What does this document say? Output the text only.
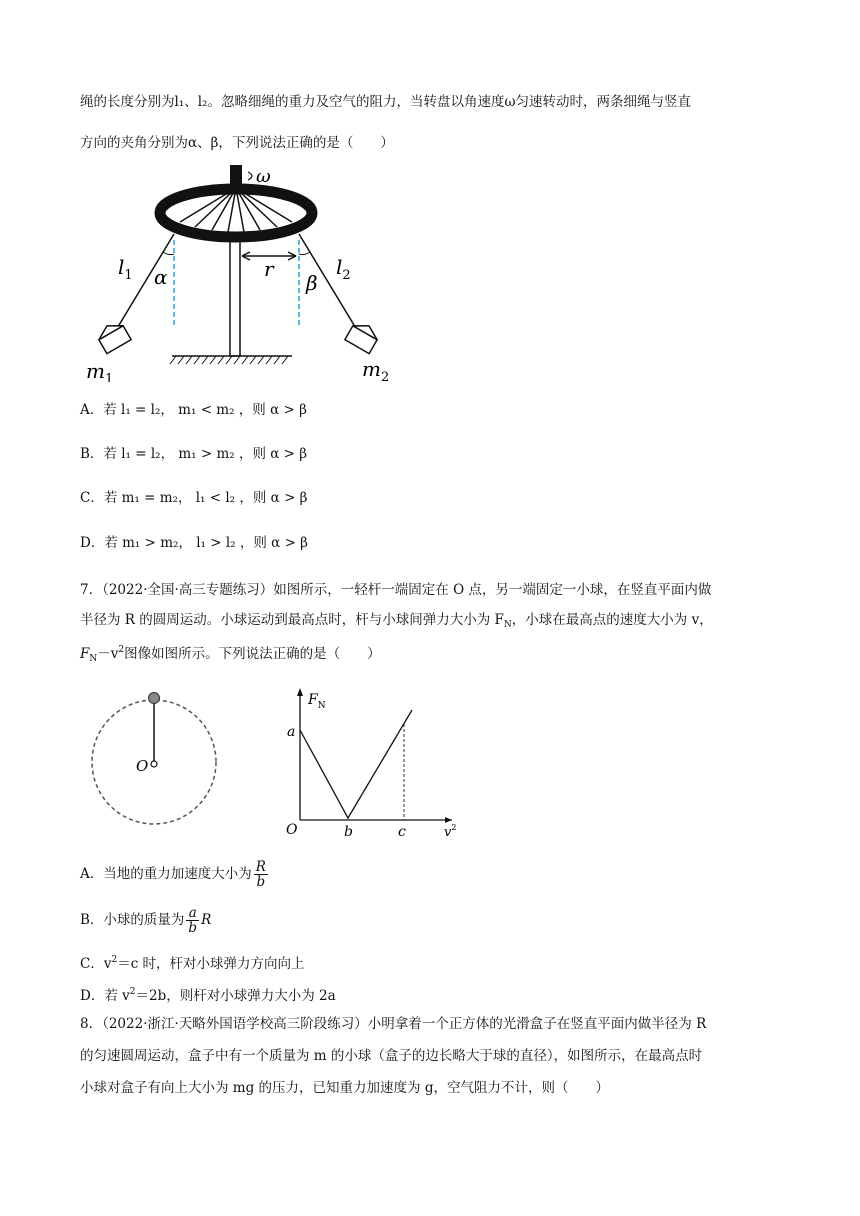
绳的长度分别为l₁、l₂。忽略细绳的重力及空气的阻力，当转盘以角速度ω匀速转动时，两条细绳与竖直
方向的夹角分别为α、β，下列说法正确的是（　　）
ω
r
α
$l_1$
$m_1$
β
$l_2$
$m_2$
A．若 l₁ = l₂， m₁ < m₂ ，则 α > β
B．若 l₁ = l₂， m₁ > m₂ ，则 α > β
C．若 m₁ = m₂， l₁ < l₂ ，则 α > β
D．若 m₁ > m₂， l₁ > l₂ ，则 α > β
7．（2022·全国·高三专题练习）如图所示，一轻杆一端固定在 O 点，另一端固定一小球，在竖直平面内做
半径为 R 的圆周运动。小球运动到最高点时，杆与小球间弹力大小为 $F_N$，小球在最高点的速度大小为 v，
$F_N-v^2$图像如图所示。下列说法正确的是（　　）
O
$F_N$
a
O	b	c	$v^2$
A．当地的重力加速度大小为 $\frac{R}{b}$
B．小球的质量为 $\frac{a}{b}$ R
C．$v^2=c$ 时，杆对小球弹力方向向上
D．若 $v^2=2b$，则杆对小球弹力大小为 2a
8．（2022·浙江·天略外国语学校高三阶段练习）小明拿着一个正方体的光滑盒子在竖直平面内做半径为 R
的匀速圆周运动，盒子中有一个质量为 m 的小球（盒子的边长略大于球的直径），如图所示，在最高点时
小球对盒子有向上大小为 mg 的压力，已知重力加速度为 g，空气阻力不计，则（　　）
